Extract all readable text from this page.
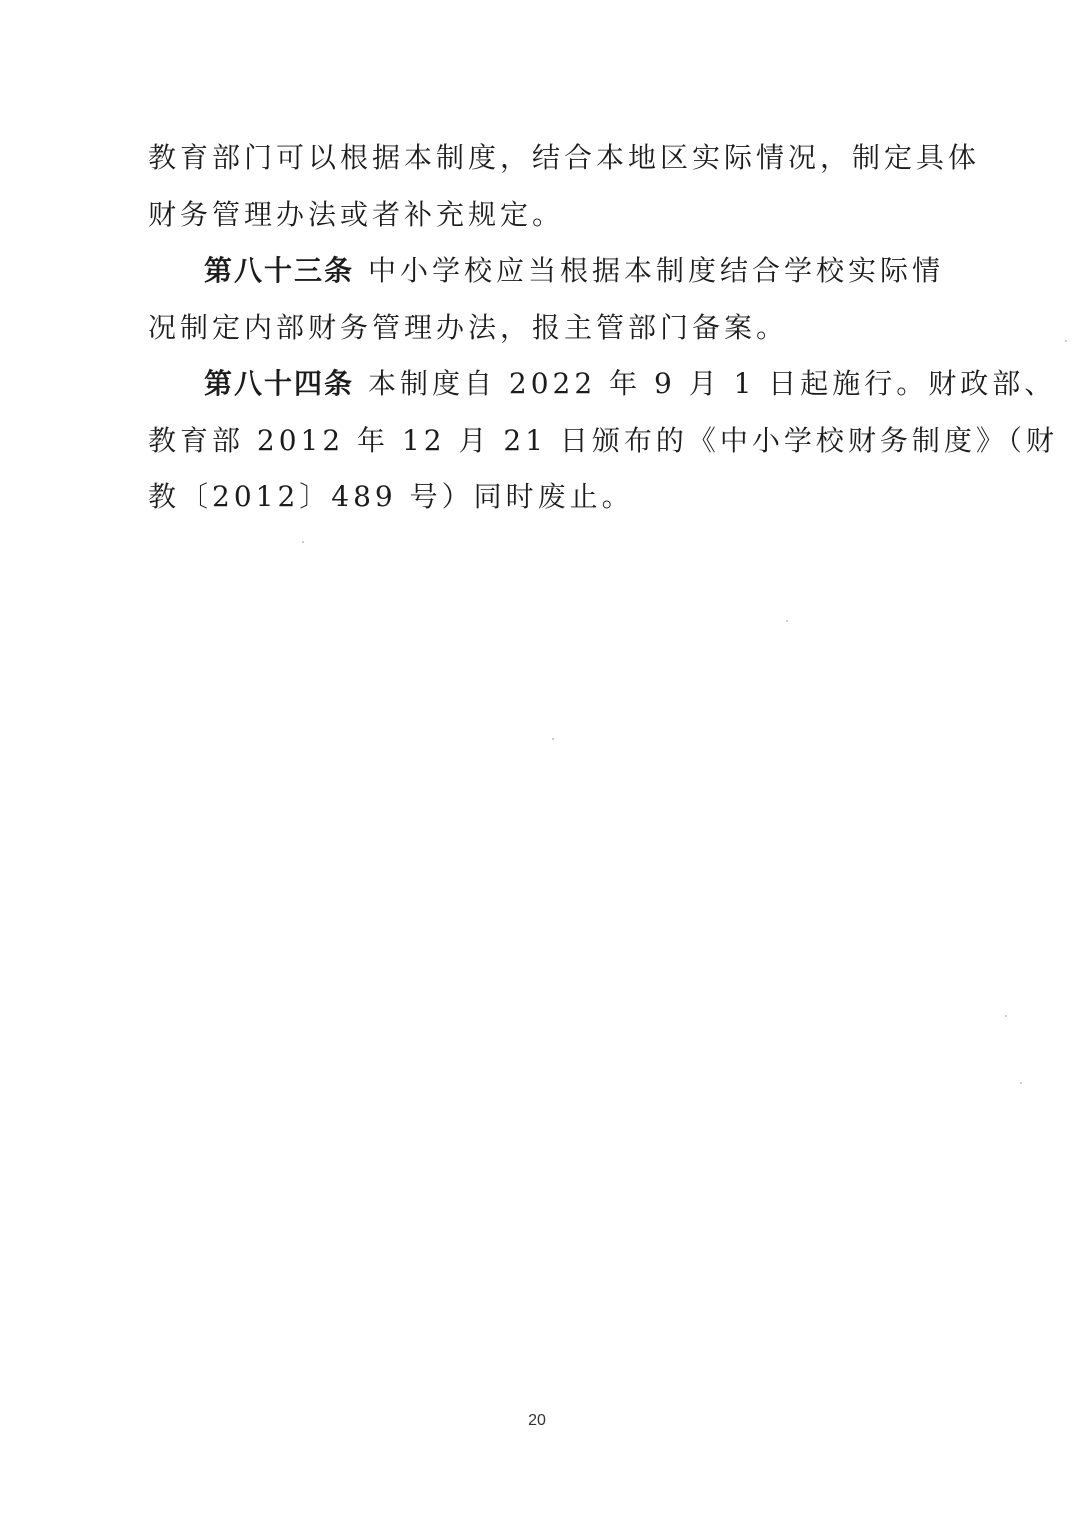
教育部门可以根据本制度，结合本地区实际情况，制定具体
财务管理办法或者补充规定。
第八十三条 中小学校应当根据本制度结合学校实际情
况制定内部财务管理办法，报主管部门备案。
第八十四条 本制度自 2022 年 9 月 1 日起施行。财政部、
教育部 2012 年 12 月 21 日颁布的《中小学校财务制度》（财
教〔2012〕489 号）同时废止。
20
